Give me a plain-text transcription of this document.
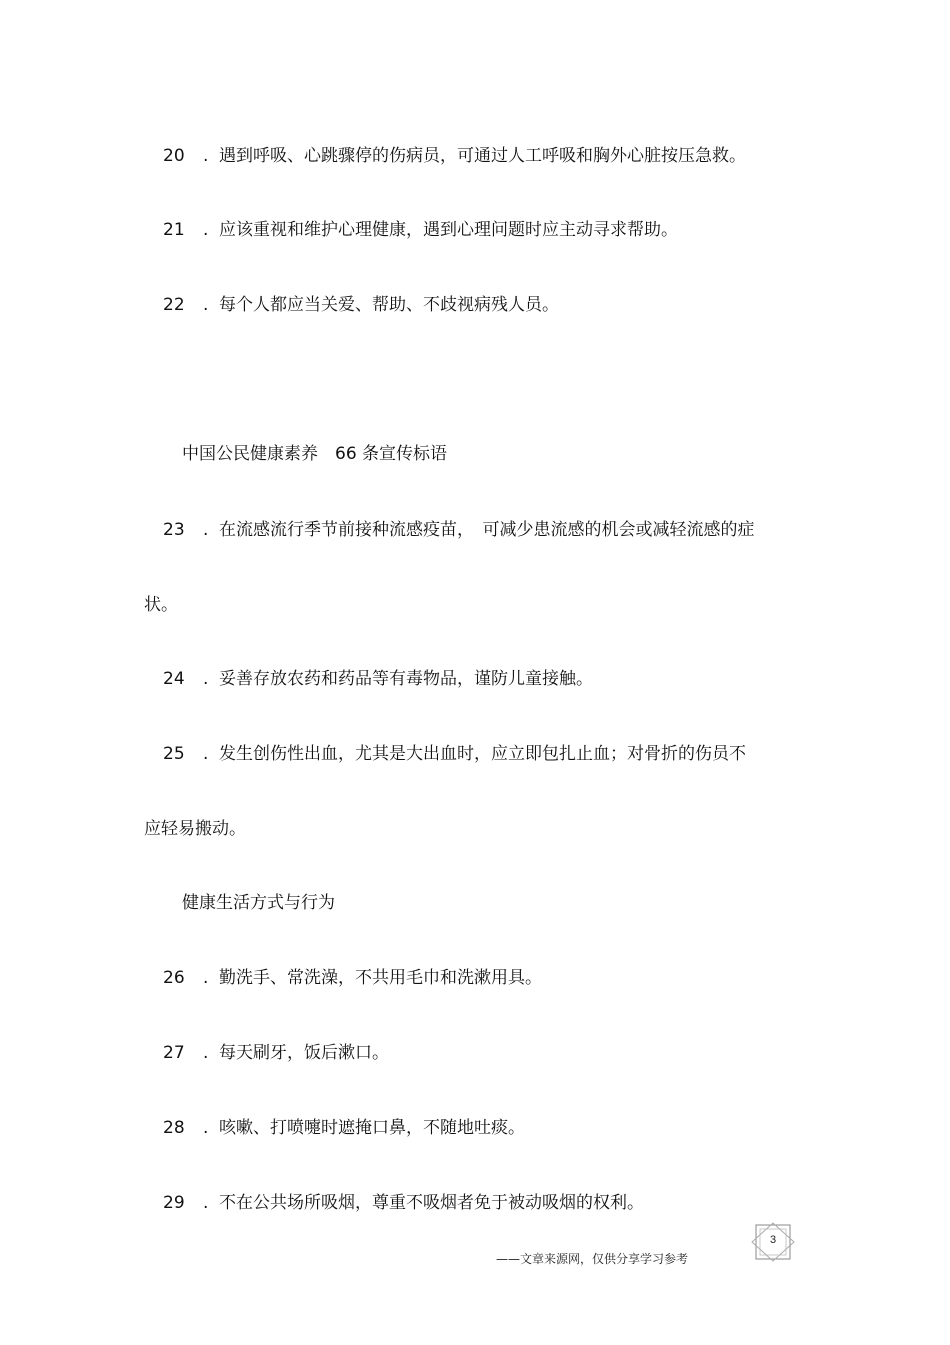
20 . 遇到呼吸、心跳骤停的伤病员，可通过人工呼吸和胸外心脏按压急救。
21 . 应该重视和维护心理健康，遇到心理问题时应主动寻求帮助。
22 . 每个人都应当关爱、帮助、不歧视病残人员。
中国公民健康素养　66 条宣传标语
23 . 在流感流行季节前接种流感疫苗，　可减少患流感的机会或减轻流感的症
状。
24 . 妥善存放农药和药品等有毒物品，谨防儿童接触。
25 . 发生创伤性出血，尤其是大出血时，应立即包扎止血；对骨折的伤员不
应轻易搬动。
健康生活方式与行为
26 . 勤洗手、常洗澡，不共用毛巾和洗漱用具。
27 . 每天刷牙，饭后漱口。
28 . 咳嗽、打喷嚏时遮掩口鼻，不随地吐痰。
29 . 不在公共场所吸烟，尊重不吸烟者免于被动吸烟的权利。
3
——文章来源网，仅供分享学习参考
